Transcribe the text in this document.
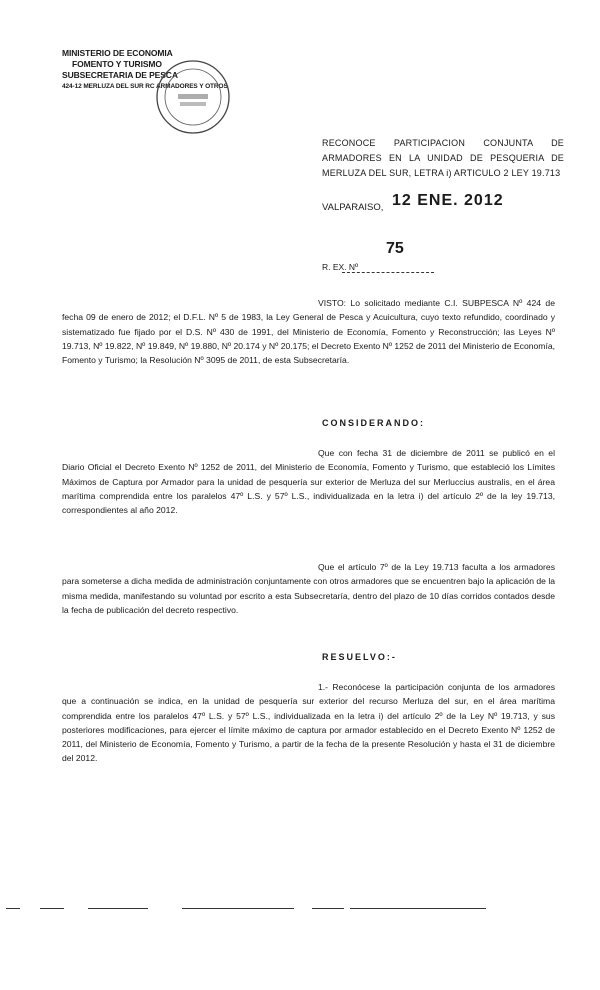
MINISTERIO DE ECONOMIA
FOMENTO Y TURISMO
SUBSECRETARIA DE PESCA
424-12 MERLUZA DEL SUR RC ARMADORES Y OTROS
RECONOCE PARTICIPACION CONJUNTA DE ARMADORES EN LA UNIDAD DE PESQUERIA DE MERLUZA DEL SUR, LETRA i) ARTICULO 2 LEY 19.713
VALPARAISO, 12 ENE. 2012
75
R. EX. Nº

VISTO: Lo solicitado mediante C.I. SUBPESCA Nº 424 de fecha 09 de enero de 2012; el D.F.L. Nº 5 de 1983, la Ley General de Pesca y Acuicultura, cuyo texto refundido, coordinado y sistematizado fue fijado por el D.S. Nº 430 de 1991, del Ministerio de Economía, Fomento y Reconstrucción; las Leyes Nº 19.713, Nº 19.822, Nº 19.849, Nº 19.880, Nº 20.174 y Nº 20.175; el Decreto Exento Nº 1252 de 2011 del Ministerio de Economía, Fomento y Turismo; la Resolución Nº 3095 de 2011, de esta Subsecretaría.

CONSIDERANDO:

Que con fecha 31 de diciembre de 2011 se publicó en el Diario Oficial el Decreto Exento Nº 1252 de 2011, del Ministerio de Economía, Fomento y Turismo, que estableció los Límites Máximos de Captura por Armador para la unidad de pesquería sur exterior de Merluza del sur Merluccius australis, en el área marítima comprendida entre los paralelos 47º L.S. y 57º L.S., individualizada en la letra i) del artículo 2º de la ley 19.713, correspondientes al año 2012.

Que el artículo 7º de la Ley 19.713 faculta a los armadores para someterse a dicha medida de administración conjuntamente con otros armadores que se encuentren bajo la aplicación de la misma medida, manifestando su voluntad por escrito a esta Subsecretaría, dentro del plazo de 10 días corridos contados desde la fecha de publicación del decreto respectivo.

RESUELVO:-

1.- Reconócese la participación conjunta de los armadores que a continuación se indica, en la unidad de pesquería sur exterior del recurso Merluza del sur, en el área marítima comprendida entre los paralelos 47º L.S. y 57º L.S., individualizada en la letra i) del artículo 2º de la Ley Nº 19.713, y sus posteriores modificaciones, para ejercer el límite máximo de captura por armador establecido en el Decreto Exento Nº 1252 de 2011, del Ministerio de Economía, Fomento y Turismo, a partir de la fecha de la presente Resolución y hasta el 31 de diciembre del 2012.
